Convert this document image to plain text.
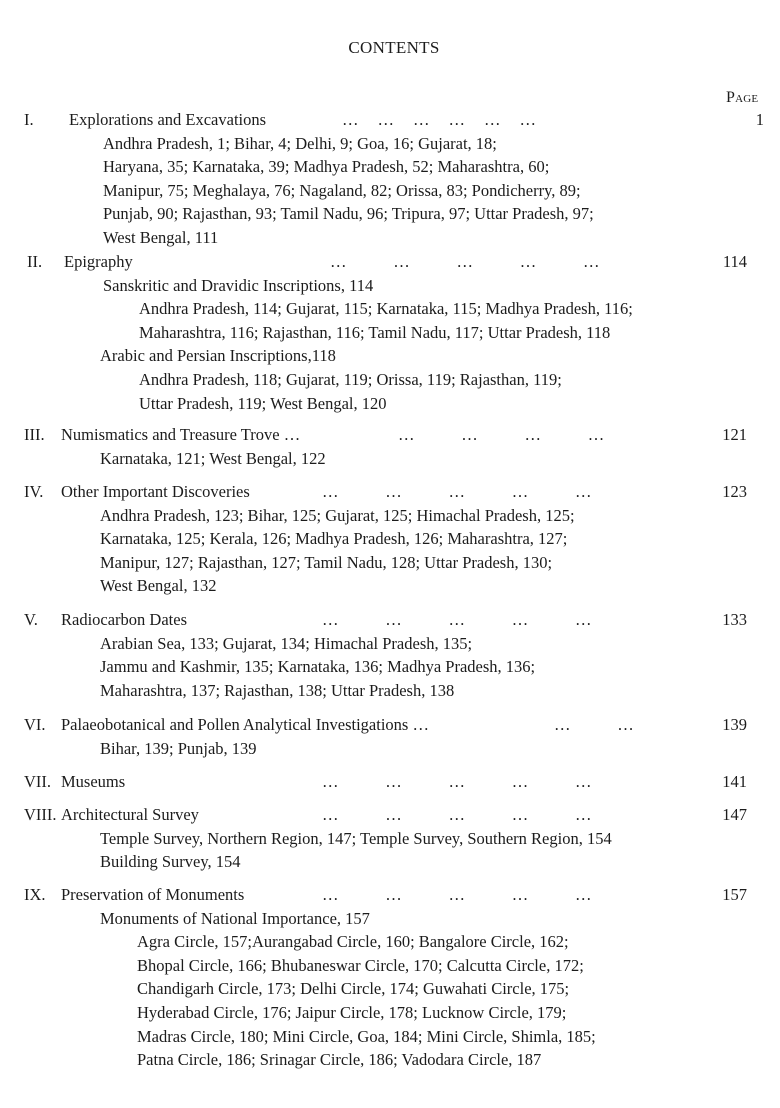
CONTENTS
Page
I. Explorations and Excavations	…    …    …    …    …    …	1
Andhra Pradesh, 1; Bihar, 4; Delhi, 9; Goa, 16; Gujarat, 18;
Haryana, 35; Karnataka, 39; Madhya Pradesh, 52; Maharashtra, 60;
Manipur, 75; Meghalaya, 76; Nagaland, 82; Orissa, 83; Pondicherry, 89;
Punjab, 90; Rajasthan, 93; Tamil Nadu, 96; Tripura, 97; Uttar Pradesh, 97;
West Bengal, 111
II. Epigraphy	…          …          …          …          …	114
Sanskritic and Dravidic Inscriptions, 114
Andhra Pradesh, 114; Gujarat, 115; Karnataka, 115; Madhya Pradesh, 116;
Maharashtra, 116; Rajasthan, 116; Tamil Nadu, 117; Uttar Pradesh, 118
Arabic and Persian Inscriptions,118
Andhra Pradesh, 118; Gujarat, 119; Orissa, 119; Rajasthan, 119;
Uttar Pradesh, 119; West Bengal, 120
III. Numismatics and Treasure Trove …	…          …          …          …	121
Karnataka, 121; West Bengal, 122
IV. Other Important Discoveries	…          …          …          …          …	123
Andhra Pradesh, 123; Bihar, 125; Gujarat, 125; Himachal Pradesh, 125;
Karnataka, 125; Kerala, 126; Madhya Pradesh, 126; Maharashtra, 127;
Manipur, 127; Rajasthan, 127; Tamil Nadu, 128; Uttar Pradesh, 130;
West Bengal, 132
V. Radiocarbon Dates	…          …          …          …          …	133
Arabian Sea, 133; Gujarat, 134; Himachal Pradesh, 135;
Jammu and Kashmir, 135; Karnataka, 136; Madhya Pradesh, 136;
Maharashtra, 137; Rajasthan, 138; Uttar Pradesh, 138
VI. Palaeobotanical and Pollen Analytical Investigations …	…          …	139
Bihar, 139; Punjab, 139
VII. Museums	…          …          …          …          …	141
VIII. Architectural Survey	…          …          …          …          …	147
Temple Survey, Northern Region, 147; Temple Survey, Southern Region, 154
Building Survey, 154
IX. Preservation of Monuments	…          …          …          …          …	157
Monuments of National Importance, 157
Agra Circle, 157;Aurangabad Circle, 160; Bangalore Circle, 162;
Bhopal Circle, 166; Bhubaneswar Circle, 170; Calcutta Circle, 172;
Chandigarh Circle, 173; Delhi Circle, 174; Guwahati Circle, 175;
Hyderabad Circle, 176; Jaipur Circle, 178; Lucknow Circle, 179;
Madras Circle, 180; Mini Circle, Goa, 184; Mini Circle, Shimla, 185;
Patna Circle, 186; Srinagar Circle, 186; Vadodara Circle, 187
